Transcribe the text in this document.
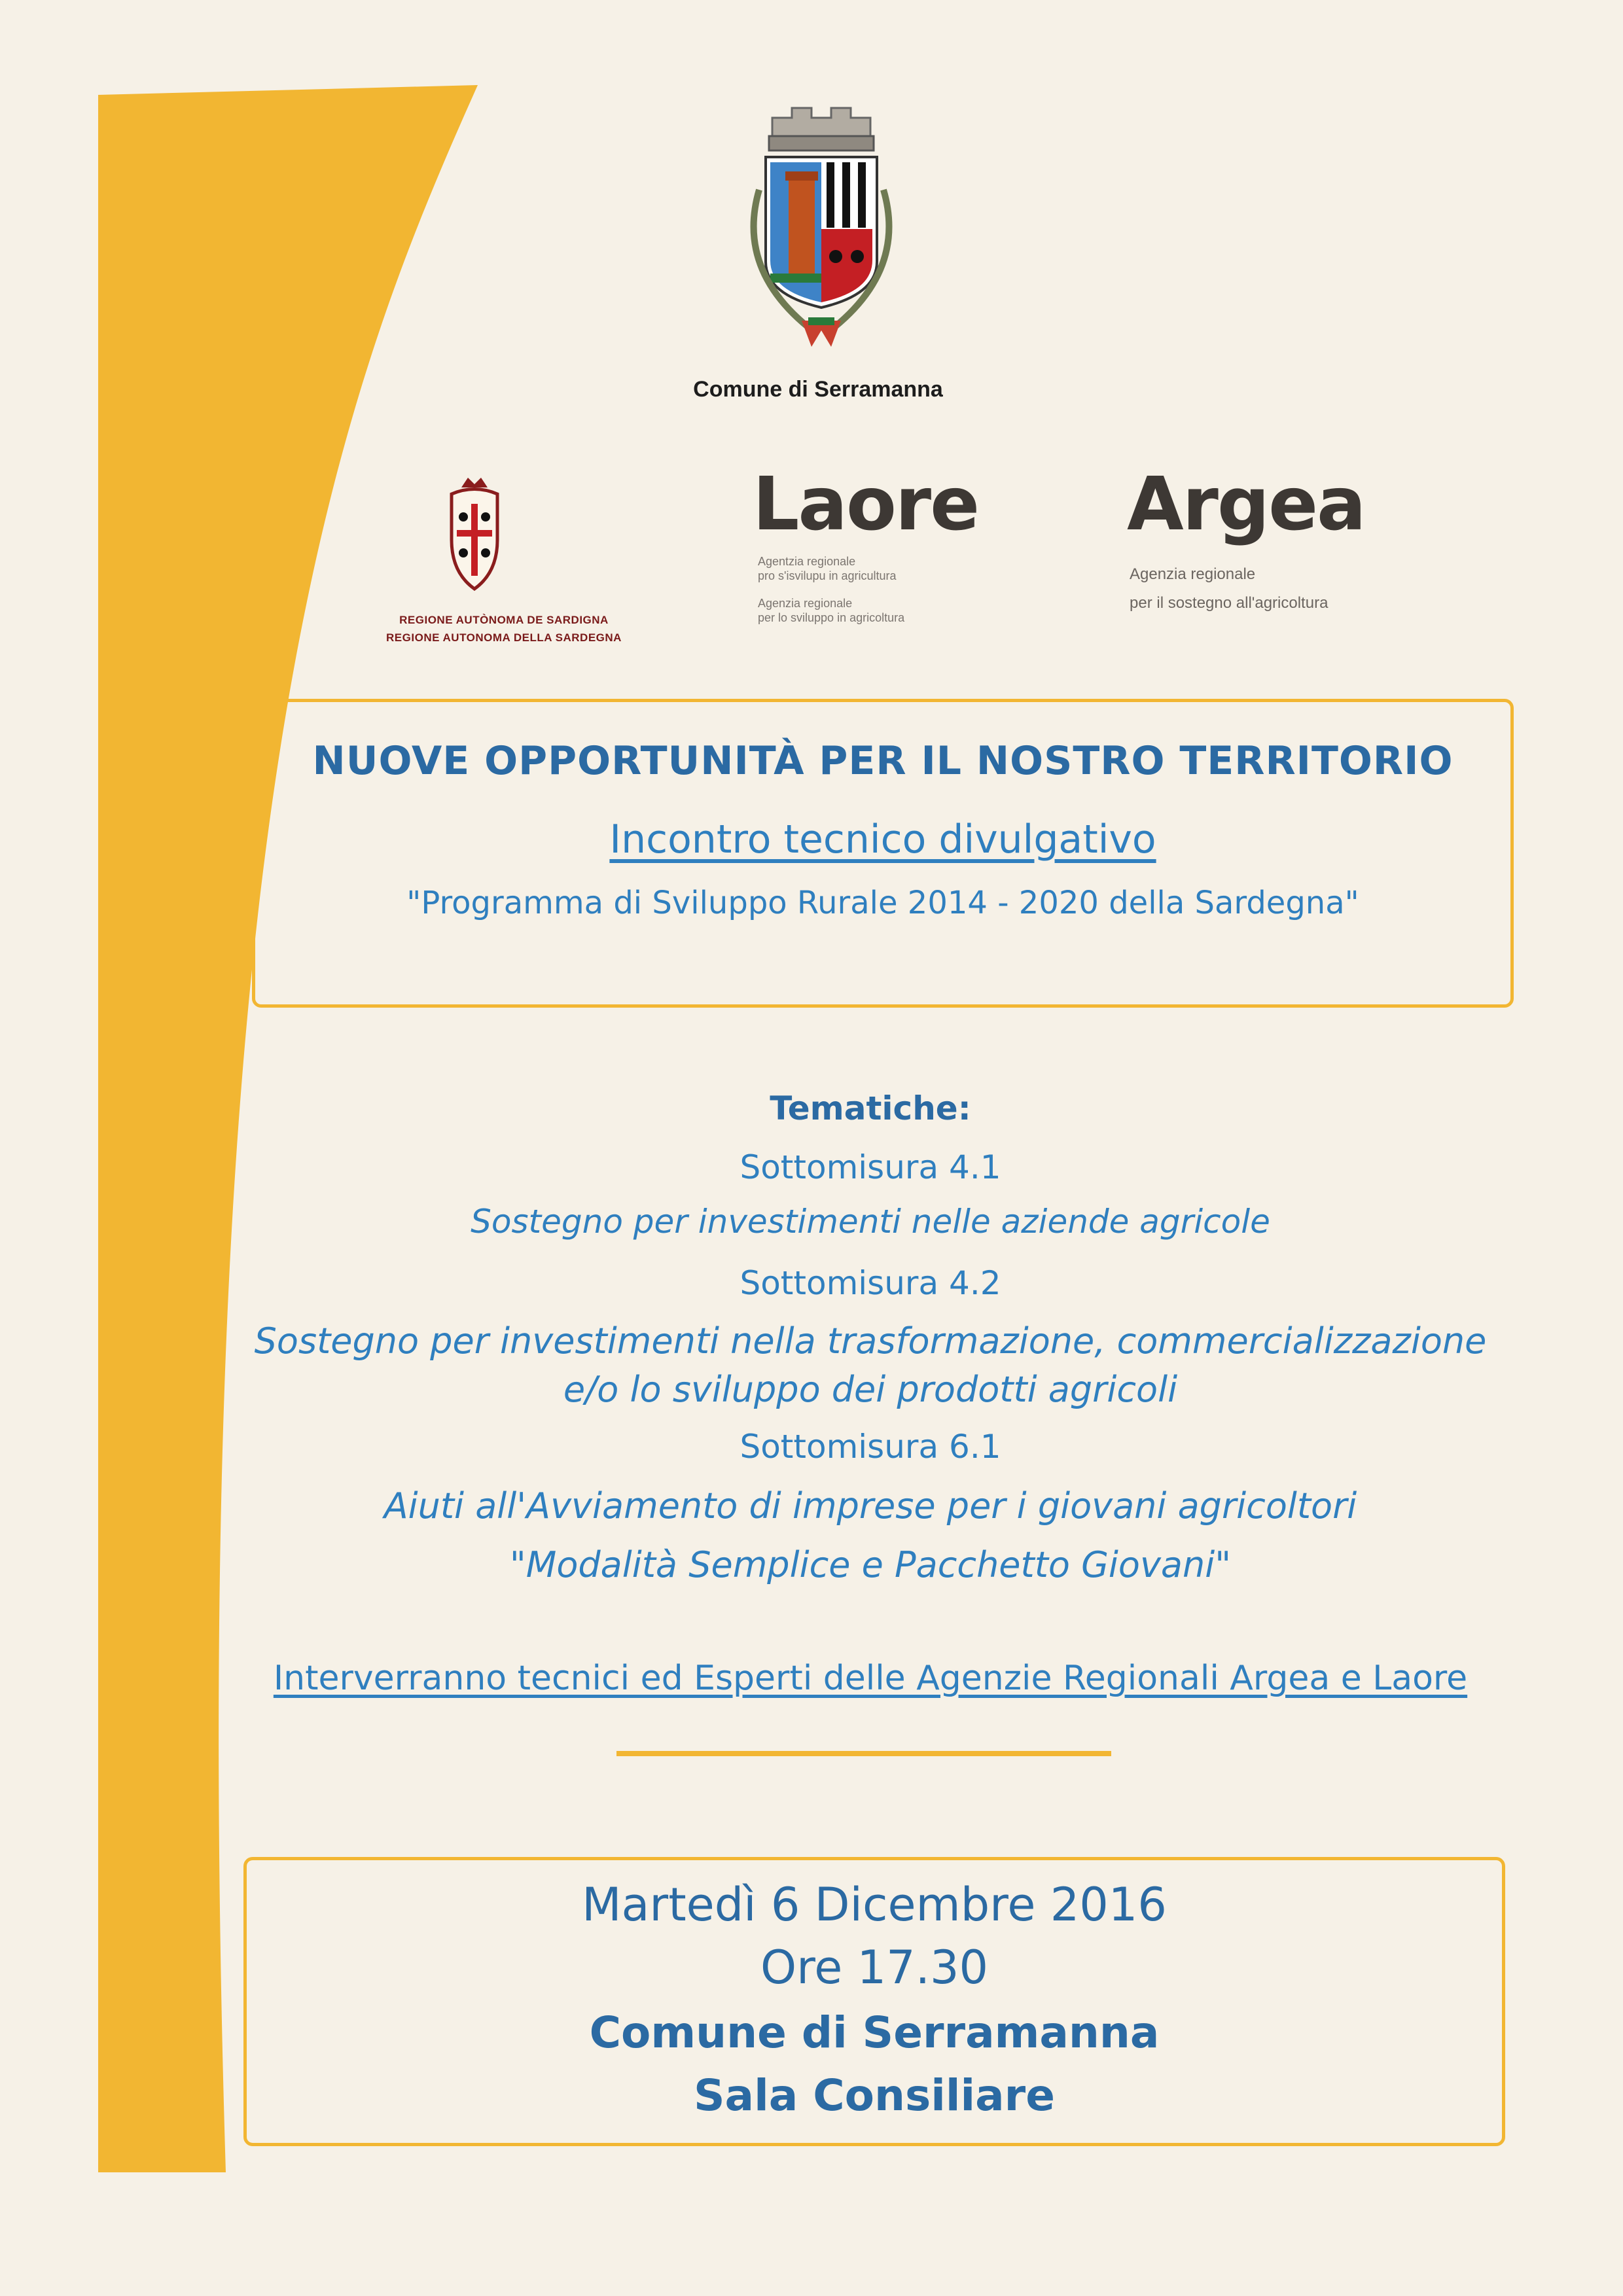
Comune di Serramanna
REGIONE AUTÒNOMA DE SARDIGNA
REGIONE AUTONOMA DELLA SARDEGNA
Laore
Agentzia regionale
pro s'isvilupu in agricultura
Agenzia regionale
per lo sviluppo in agricoltura
Argea
Agenzia regionale
per il sostegno all'agricoltura
NUOVE OPPORTUNITÀ PER IL NOSTRO TERRITORIO
Incontro tecnico divulgativo
"Programma di Sviluppo Rurale 2014 - 2020 della Sardegna"
Tematiche:
Sottomisura 4.1
Sostegno per investimenti nelle aziende agricole
Sottomisura 4.2
Sostegno per investimenti nella trasformazione, commercializzazione
e/o lo sviluppo dei prodotti agricoli
Sottomisura 6.1
Aiuti all'Avviamento di imprese per i giovani agricoltori
"Modalità Semplice e Pacchetto Giovani"
Interverranno tecnici ed Esperti delle Agenzie Regionali Argea e Laore
Martedì 6 Dicembre 2016
Ore 17.30
Comune di Serramanna
Sala Consiliare
